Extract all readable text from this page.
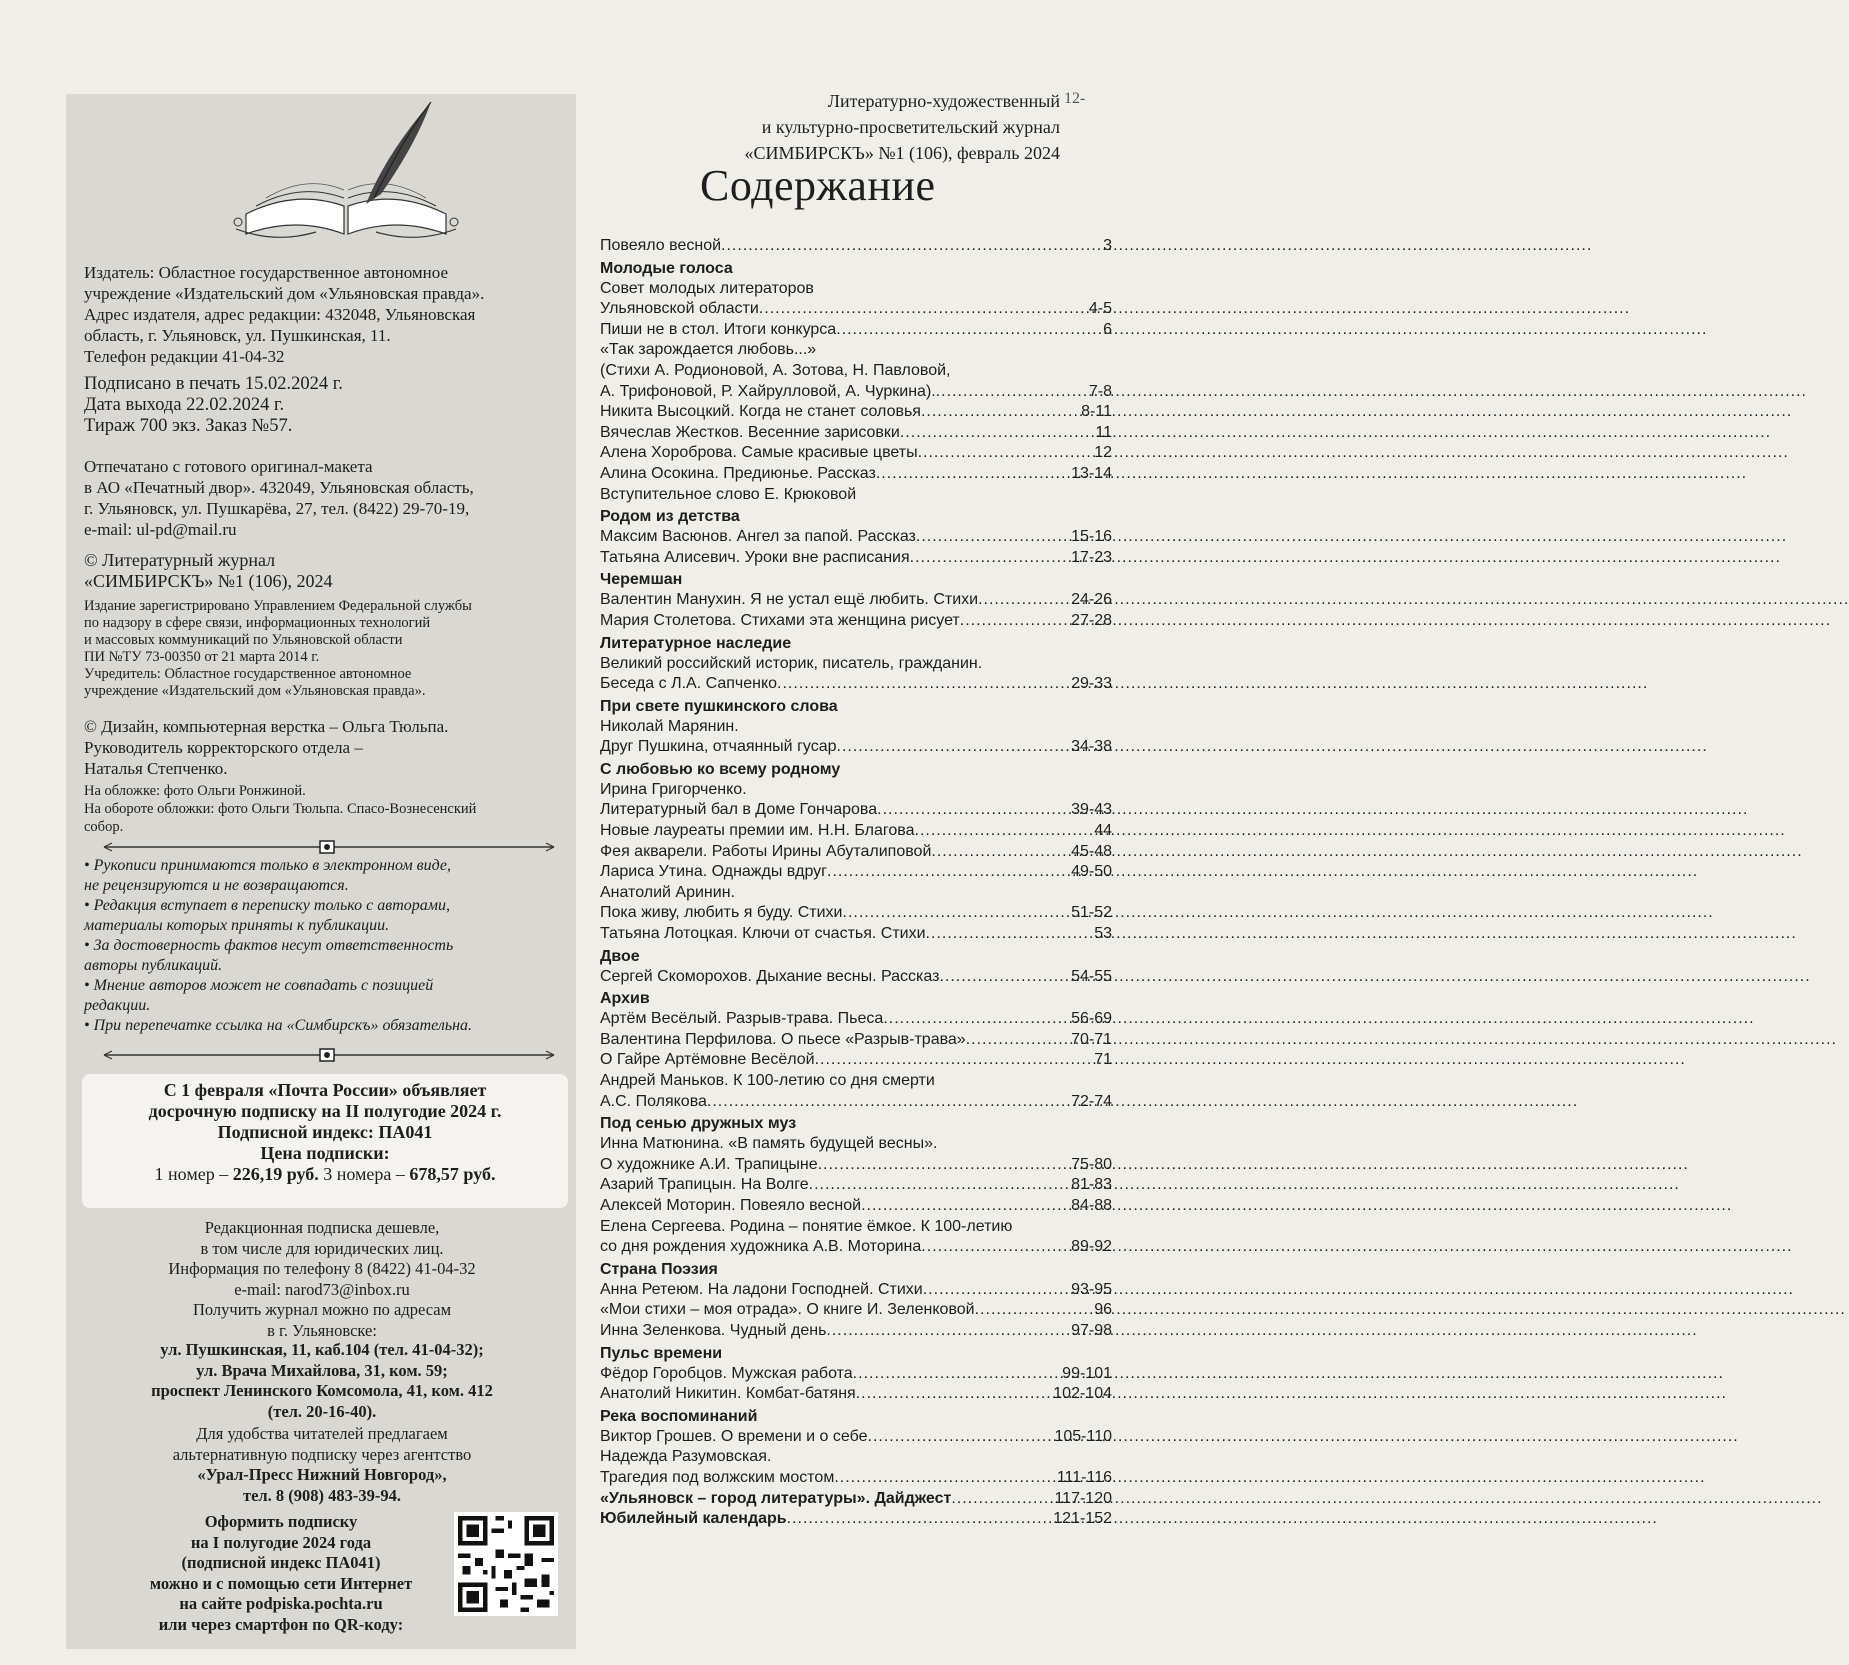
12-

Издатель: Областное государственное автономное

учреждение «Издательский дом «Ульяновская правда».

Адрес издателя, адрес редакции: 432048, Ульяновская

область, г. Ульяновск, ул. Пушкинская, 11.

Телефон редакции 41-04-32

Подписано в печать 15.02.2024 г.

Дата выхода 22.02.2024 г.

Тираж 700 экз. Заказ №57.

Отпечатано с готового оригинал-макета

в АО «Печатный двор». 432049, Ульяновская область,

г. Ульяновск, ул. Пушкарёва, 27, тел. (8422) 29-70-19,

e-mail: ul-pd@mail.ru

© Литературный журнал

«СИМБИРСКЪ» №1 (106), 2024

Издание зарегистрировано Управлением Федеральной службы

по надзору в сфере связи, информационных технологий

и массовых коммуникаций по Ульяновской области

ПИ №ТУ 73-00350 от 21 марта 2014 г.

Учредитель: Областное государственное автономное

учреждение «Издательский дом «Ульяновская правда».

© Дизайн, компьютерная верстка – Ольга Тюльпа.

Руководитель корректорского отдела –

Наталья Степченко.

На обложке: фото Ольги Ронжиной.

На обороте обложки: фото Ольги Тюльпа. Спасо-Вознесенский

собор.

• Рукописи принимаются только в электронном виде,

не рецензируются и не возвращаются.

• Редакция вступает в переписку только с авторами,

материалы которых приняты к публикации.

• За достоверность фактов несут ответственность

авторы публикаций.

• Мнение авторов может не совпадать с позицией

редакции.

• При перепечатке ссылка на «Симбирскъ» обязательна.

С 1 февраля «Почта России» объявляет

досрочную подписку на II полугодие 2024 г.

Подписной индекс: ПА041

Цена подписки:

1 номер – 226,19 руб. 3 номера – 678,57 руб.

Редакционная подписка дешевле,

в том числе для юридических лиц.

Информация по телефону 8 (8422) 41-04-32

e-mail: narod73@inbox.ru

Получить журнал можно по адресам

в г. Ульяновске:

ул. Пушкинская, 11, каб.104 (тел. 41-04-32);

ул. Врача Михайлова, 31, ком. 59;

проспект Ленинского Комсомола, 41, ком. 412

(тел. 20-16-40).

Для удобства читателей предлагаем

альтернативную подписку через агентство

«Урал-Пресс Нижний Новгород»,

тел. 8 (908) 483-39-94.

Оформить подписку

на I полугодие 2024 года

(подписной индекс ПА041)

можно и с помощью сети Интернет

на сайте podpiska.pochta.ru

или через смартфон по QR-коду:

Литературно-художественный

и культурно-просветительский журнал

«СИМБИРСКЪ» №1 (106), февраль 2024

Содержание
Повеяло весной .....	3
Молодые голоса
Совет молодых литераторов
Ульяновской области .....	4-5
Пиши не в стол. Итоги конкурса .....	6
«Так зарождается любовь...»
(Стихи А. Родионовой, А. Зотова, Н. Павловой,
А. Трифоновой, Р. Хайрулловой, А. Чуркина). .....	7-8
Никита Высоцкий. Когда не станет соловья .....	8-11
Вячеслав Жестков. Весенние зарисовки .....	11
Алена Хороброва. Самые красивые цветы .....	12
Алина Осокина. Предиюнье. Рассказ .....	13-14
Вступительное слово Е. Крюковой
Родом из детства
Максим Васюнов. Ангел за папой. Рассказ .....	15-16
Татьяна Алисевич. Уроки вне расписания .....	17-23
Черемшан
Валентин Манухин. Я не устал ещё любить. Стихи .....	24-26
Мария Столетова. Стихами эта женщина рисует .....	27-28
Литературное наследие
Великий российский историк, писатель, гражданин.
Беседа с Л.А. Сапченко .....	29-33
При свете пушкинского слова
Николай Марянин.
Друг Пушкина, отчаянный гусар .....	34-38
С любовью ко всему родному
Ирина Григорченко.
Литературный бал в Доме Гончарова .....	39-43
Новые лауреаты премии им. Н.Н. Благова .....	44
Фея акварели. Работы Ирины Абуталиповой .....	45-48
Лариса Утина. Однажды вдруг .....	49-50
Анатолий Аринин.
Пока живу, любить я буду. Стихи .....	51-52
Татьяна Лотоцкая. Ключи от счастья. Стихи .....	53
Двое
Сергей Скоморохов. Дыхание весны. Рассказ .....	54-55
Архив
Артём Весёлый. Разрыв-трава. Пьеса .....	56-69
Валентина Перфилова. О пьесе «Разрыв-трава» .....	70-71
О Гайре Артёмовне Весёлой .....	71
Андрей Маньков. К 100-летию со дня смерти
А.С. Полякова .....	72-74
Под сенью дружных муз
Инна Матюнина. «В память будущей весны».
О художнике А.И. Трапицыне .....	75-80
Азарий Трапицын. На Волге .....	81-83
Алексей Моторин. Повеяло весной .....	84-88
Елена Сергеева. Родина – понятие ёмкое. К 100-летию
со дня рождения художника А.В. Моторина .....	89-92
Страна Поэзия
Анна Ретеюм. На ладони Господней. Стихи .....	93-95
«Мои стихи – моя отрада». О книге И. Зеленковой .....	96
Инна Зеленкова. Чудный день .....	97-98
Пульс времени
Фёдор Горобцов. Мужская работа .....	99-101
Анатолий Никитин. Комбат-батяня .....	102-104
Река воспоминаний
Виктор Грошев. О времени и о себе .....	105-110
Надежда Разумовская.
Трагедия под волжским мостом .....	111-116
«Ульяновск – город литературы». Дайджест .....	117-120
Юбилейный календарь .....	121-152
